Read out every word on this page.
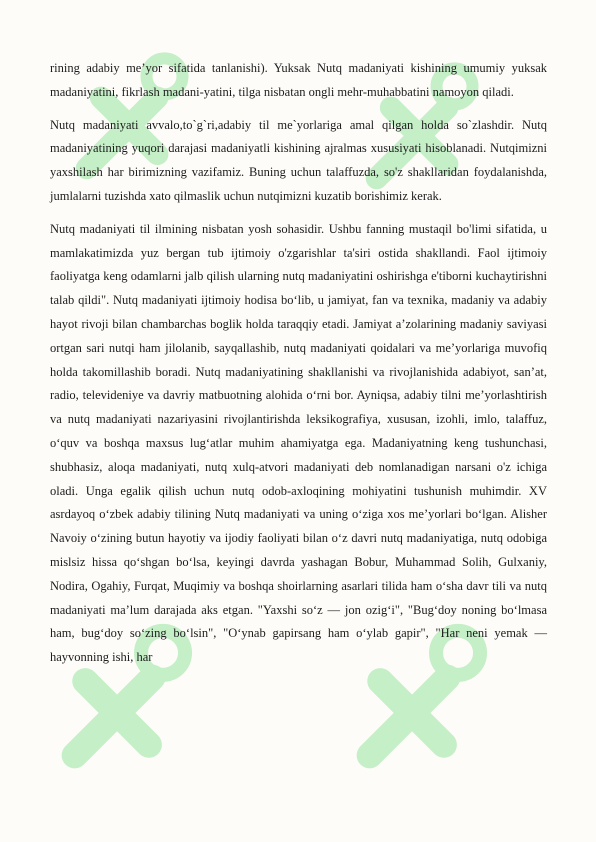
rining adabiy me’yor sifatida tanlanishi). Yuksak Nutq madaniyati kishining umumiy yuksak madaniyatini, fikrlash madani-yatini, tilga nisbatan ongli mehr-muhabbatini namoyon qiladi.

Nutq madaniyati avvalo,to`g`ri,adabiy til me`yorlariga amal qilgan holda so`zlashdir. Nutq madaniyatining yuqori darajasi madaniyatli kishining ajralmas xususiyati hisoblanadi. Nutqimizni yaxshilash har birimizning vazifamiz. Buning uchun talaffuzda, so'z shakllaridan foydalanishda, jumlalarni tuzishda xato qilmaslik uchun nutqimizni kuzatib borishimiz kerak.

Nutq madaniyati til ilmining nisbatan yosh sohasidir. Ushbu fanning mustaqil bo'limi sifatida, u mamlakatimizda yuz bergan tub ijtimoiy o'zgarishlar ta'siri ostida shakllandi. Faol ijtimoiy faoliyatga keng odamlarni jalb qilish ularning nutq madaniyatini oshirishga e'tiborni kuchaytirishni talab qildi". Nutq madaniyati ijtimoiy hodisa bo‘lib, u jamiyat, fan va texnika, madaniy va adabiy hayot rivoji bilan chambarchas boglik holda taraqqiy etadi. Jamiyat a’zolarining madaniy saviyasi ortgan sari nutqi ham jilolanib, sayqallashib, nutq madaniyati qoidalari va me’yorlariga muvofiq holda takomillashib boradi. Nutq madaniyatining shakllanishi va rivojlanishida adabiyot, san’at, radio, televideniye va davriy matbuotning alohida o‘rni bor. Ayniqsa, adabiy tilni me’yorlashtirish va nutq madaniyati nazariyasini rivojlantirishda leksikografiya, xususan, izohli, imlo, talaffuz, o‘quv va boshqa maxsus lug‘atlar muhim ahamiyatga ega. Madaniyatning keng tushunchasi, shubhasiz, aloqa madaniyati, nutq xulq-atvori madaniyati deb nomlanadigan narsani o'z ichiga oladi. Unga egalik qilish uchun nutq odob-axloqining mohiyatini tushunish muhimdir. XV asrdayoq o‘zbek adabiy tilining Nutq madaniyati va uning o‘ziga xos me’yorlari bo‘lgan. Alisher Navoiy o‘zining butun hayotiy va ijodiy faoliyati bilan o‘z davri nutq madaniyatiga, nutq odobiga mislsiz hissa qo‘shgan bo‘lsa, keyingi davrda yashagan Bobur, Muhammad Solih, Gulxaniy, Nodira, Ogahiy, Furqat, Muqimiy va boshqa shoirlarning asarlari tilida ham o‘sha davr tili va nutq madaniyati ma’lum darajada aks etgan. "Yaxshi so‘z — jon ozig‘i", "Bug‘doy noning bo‘lmasa ham, bug‘doy so‘zing bo‘lsin", "O‘ynab gapirsang ham o‘ylab gapir", "Har neni yemak — hayvonning ishi, har
